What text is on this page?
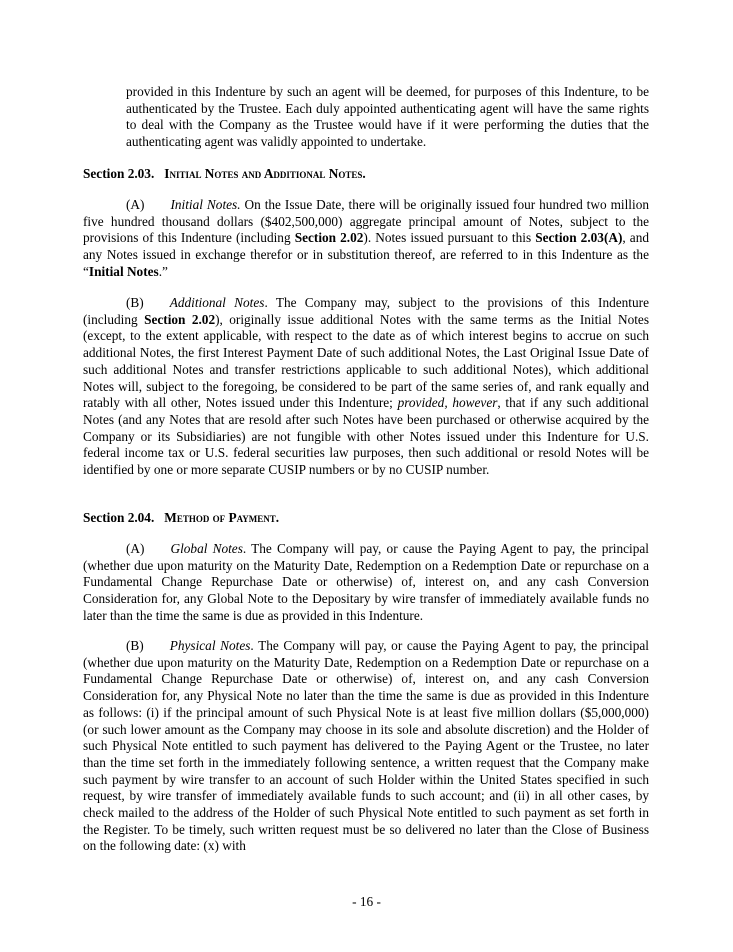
provided in this Indenture by such an agent will be deemed, for purposes of this Indenture, to be authenticated by the Trustee. Each duly appointed authenticating agent will have the same rights to deal with the Company as the Trustee would have if it were performing the duties that the authenticating agent was validly appointed to undertake.
Section 2.03. Initial Notes and Additional Notes.
(A) Initial Notes. On the Issue Date, there will be originally issued four hundred two million five hundred thousand dollars ($402,500,000) aggregate principal amount of Notes, subject to the provisions of this Indenture (including Section 2.02). Notes issued pursuant to this Section 2.03(A), and any Notes issued in exchange therefor or in substitution thereof, are referred to in this Indenture as the “Initial Notes.”
(B) Additional Notes. The Company may, subject to the provisions of this Indenture (including Section 2.02), originally issue additional Notes with the same terms as the Initial Notes (except, to the extent applicable, with respect to the date as of which interest begins to accrue on such additional Notes, the first Interest Payment Date of such additional Notes, the Last Original Issue Date of such additional Notes and transfer restrictions applicable to such additional Notes), which additional Notes will, subject to the foregoing, be considered to be part of the same series of, and rank equally and ratably with all other, Notes issued under this Indenture; provided, however, that if any such additional Notes (and any Notes that are resold after such Notes have been purchased or otherwise acquired by the Company or its Subsidiaries) are not fungible with other Notes issued under this Indenture for U.S. federal income tax or U.S. federal securities law purposes, then such additional or resold Notes will be identified by one or more separate CUSIP numbers or by no CUSIP number.
Section 2.04. Method of Payment.
(A) Global Notes. The Company will pay, or cause the Paying Agent to pay, the principal (whether due upon maturity on the Maturity Date, Redemption on a Redemption Date or repurchase on a Fundamental Change Repurchase Date or otherwise) of, interest on, and any cash Conversion Consideration for, any Global Note to the Depositary by wire transfer of immediately available funds no later than the time the same is due as provided in this Indenture.
(B) Physical Notes. The Company will pay, or cause the Paying Agent to pay, the principal (whether due upon maturity on the Maturity Date, Redemption on a Redemption Date or repurchase on a Fundamental Change Repurchase Date or otherwise) of, interest on, and any cash Conversion Consideration for, any Physical Note no later than the time the same is due as provided in this Indenture as follows: (i) if the principal amount of such Physical Note is at least five million dollars ($5,000,000) (or such lower amount as the Company may choose in its sole and absolute discretion) and the Holder of such Physical Note entitled to such payment has delivered to the Paying Agent or the Trustee, no later than the time set forth in the immediately following sentence, a written request that the Company make such payment by wire transfer to an account of such Holder within the United States specified in such request, by wire transfer of immediately available funds to such account; and (ii) in all other cases, by check mailed to the address of the Holder of such Physical Note entitled to such payment as set forth in the Register. To be timely, such written request must be so delivered no later than the Close of Business on the following date: (x) with
- 16 -
